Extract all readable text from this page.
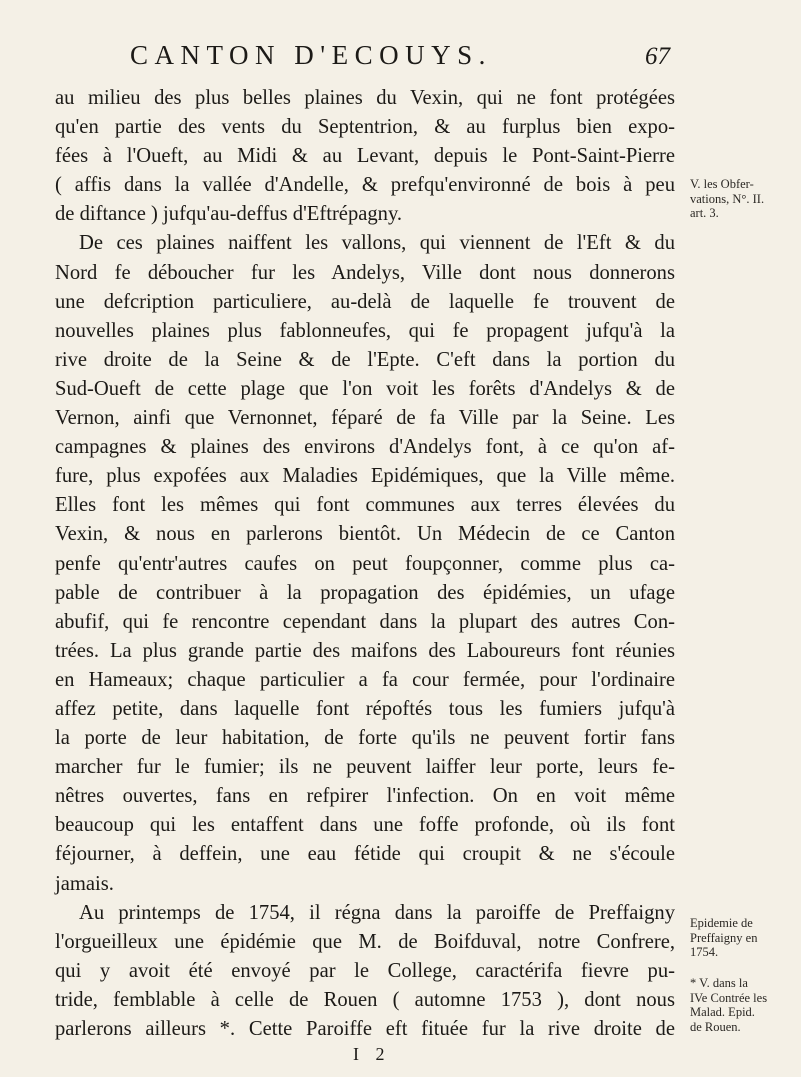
CANTON D'ECOUYS.	67
au milieu des plus belles plaines du Vexin, qui ne font protégées
qu'en partie des vents du Septentrion, & au furplus bien expo-
fées à l'Oueft, au Midi & au Levant, depuis le Pont-Saint-Pierre
( affis dans la vallée d'Andelle, & prefqu'environné de bois à peu
de diftance ) jufqu'au-deffus d'Eftrépagny.
De ces plaines naiffent les vallons, qui viennent de l'Eft & du
Nord fe déboucher fur les Andelys, Ville dont nous donnerons
une defcription particuliere, au-delà de laquelle fe trouvent de
nouvelles plaines plus fablonneufes, qui fe propagent jufqu'à la
rive droite de la Seine & de l'Epte. C'eft dans la portion du
Sud-Oueft de cette plage que l'on voit les forêts d'Andelys & de
Vernon, ainfi que Vernonnet, féparé de fa Ville par la Seine. Les
campagnes & plaines des environs d'Andelys font, à ce qu'on af-
fure, plus expofées aux Maladies Epidémiques, que la Ville même.
Elles font les mêmes qui font communes aux terres élevées du
Vexin, & nous en parlerons bientôt. Un Médecin de ce Canton
penfe qu'entr'autres caufes on peut foupçonner, comme plus ca-
pable de contribuer à la propagation des épidémies, un ufage
abufif, qui fe rencontre cependant dans la plupart des autres Con-
trées. La plus grande partie des maifons des Laboureurs font réunies
en Hameaux; chaque particulier a fa cour fermée, pour l'ordinaire
affez petite, dans laquelle font répoftés tous les fumiers jufqu'à
la porte de leur habitation, de forte qu'ils ne peuvent fortir fans
marcher fur le fumier; ils ne peuvent laiffer leur porte, leurs fe-
nêtres ouvertes, fans en refpirer l'infection. On en voit même
beaucoup qui les entaffent dans une foffe profonde, où ils font
féjourner, à deffein, une eau fétide qui croupit & ne s'écoule
jamais.
Au printemps de 1754, il régna dans la paroiffe de Preffaigny
l'orgueilleux une épidémie que M. de Boifduval, notre Confrere,
qui y avoit été envoyé par le College, caractérifa fievre pu-
tride, femblable à celle de Rouen ( automne 1753 ), dont nous
parlerons ailleurs *. Cette Paroiffe eft fituée fur la rive droite de
V. les Obfer-
vations, N°. II.
art. 3.
Epidemie de
Preffaigny en
1754.
* V. dans la
IVe Contrée les
Malad. Epid.
de Rouen.
I 2
